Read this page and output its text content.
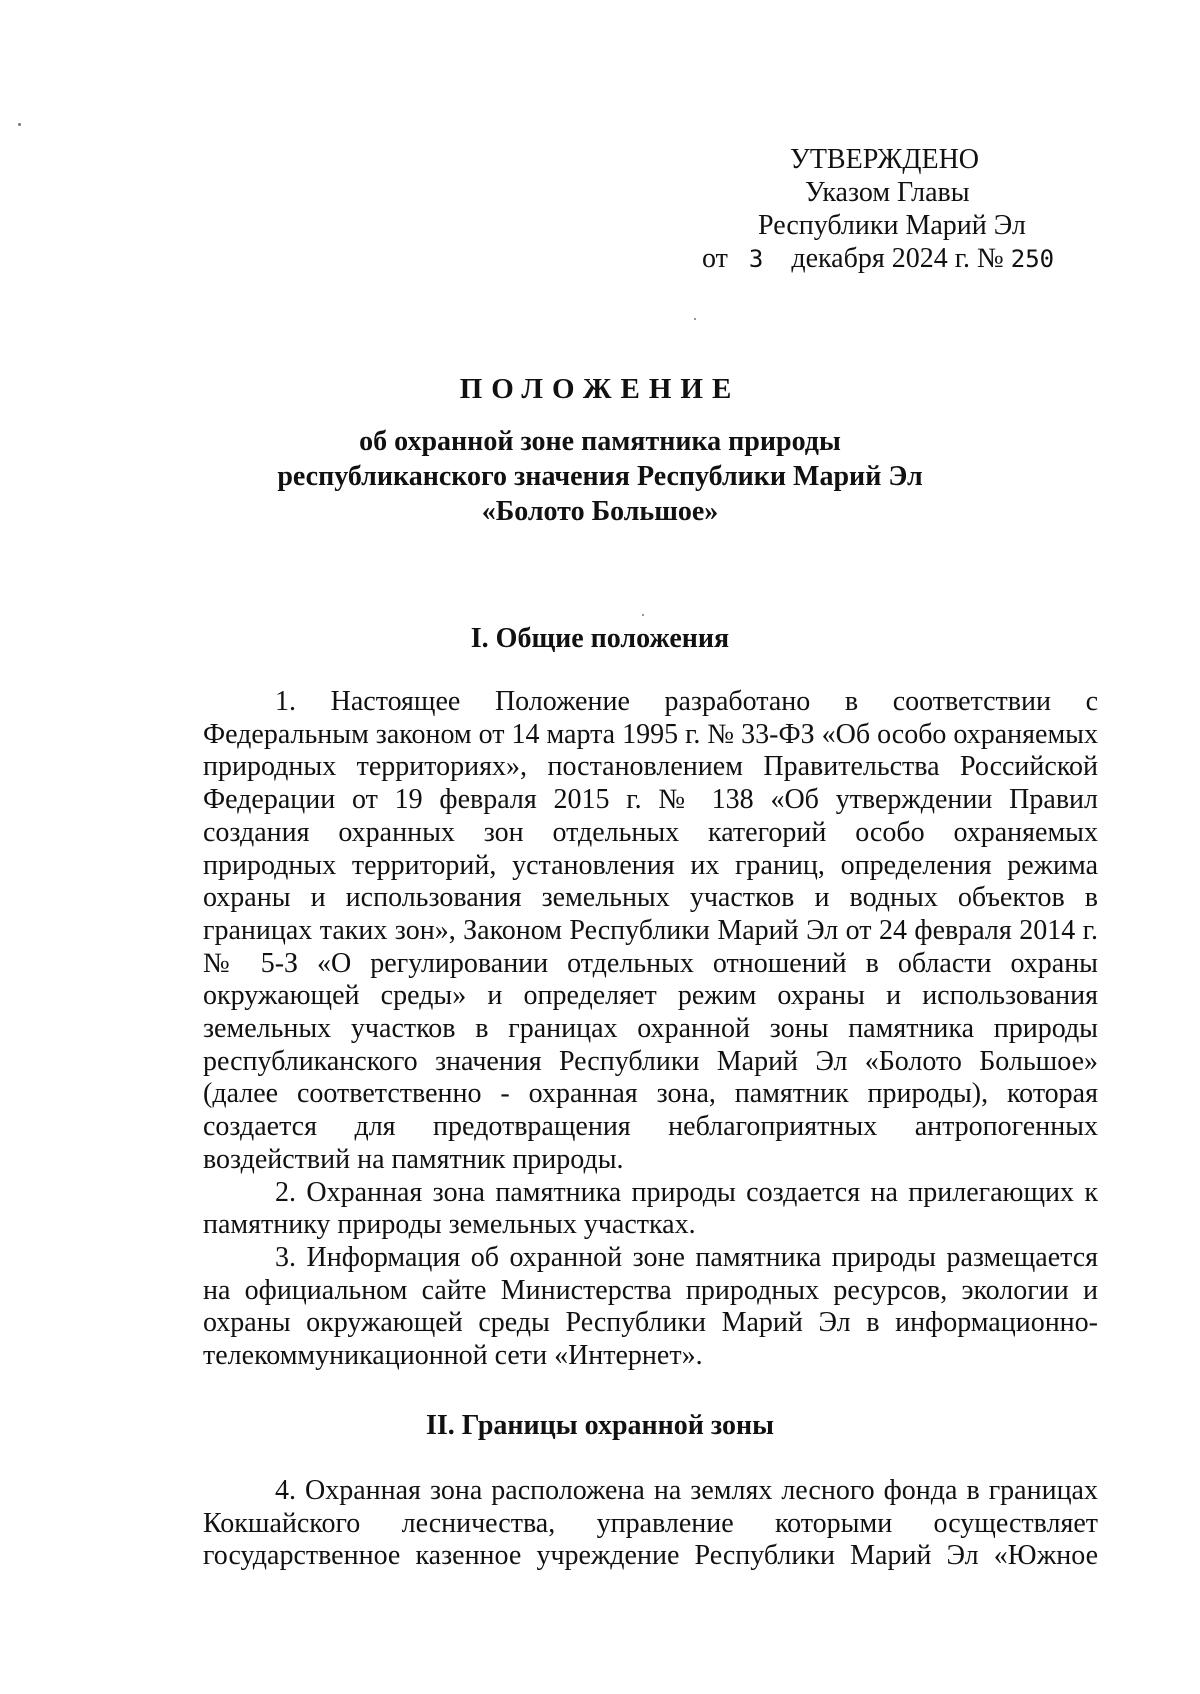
УТВЕРЖДЕНО
Указом Главы
Республики Марий Эл
от 3 декабря 2024 г. № 250
ПОЛОЖЕНИЕ
об охранной зоне памятника природы
республиканского значения Республики Марий Эл
«Болото Большое»
I. Общие положения

1. Настоящее Положение разработано в соответствии с Федеральным законом от 14 марта 1995 г. № 33-ФЗ «Об особо охраняемых природных территориях», постановлением Правительства Российской Федерации от 19 февраля 2015 г. № 138 «Об утверждении Правил создания охранных зон отдельных категорий особо охраняемых природных территорий, установления их границ, определения режима охраны и использования земельных участков и водных объектов в границах таких зон», Законом Республики Марий Эл от 24 февраля 2014 г. № 5-З «О регулировании отдельных отношений в области охраны окружающей среды» и определяет режим охраны и использования земельных участков в границах охранной зоны памятника природы республиканского значения Республики Марий Эл «Болото Большое» (далее соответственно - охранная зона, памятник природы), которая создается для предотвращения неблагоприятных антропогенных воздействий на памятник природы.

2. Охранная зона памятника природы создается на прилегающих к памятнику природы земельных участках.

3. Информация об охранной зоне памятника природы размещается на официальном сайте Министерства природных ресурсов, экологии и охраны окружающей среды Республики Марий Эл в информационно-телекоммуникационной сети «Интернет».

II. Границы охранной зоны

4. Охранная зона расположена на землях лесного фонда в границах Кокшайского лесничества, управление которыми осуществляет государственное казенное учреждение Республики Марий Эл «Южное
